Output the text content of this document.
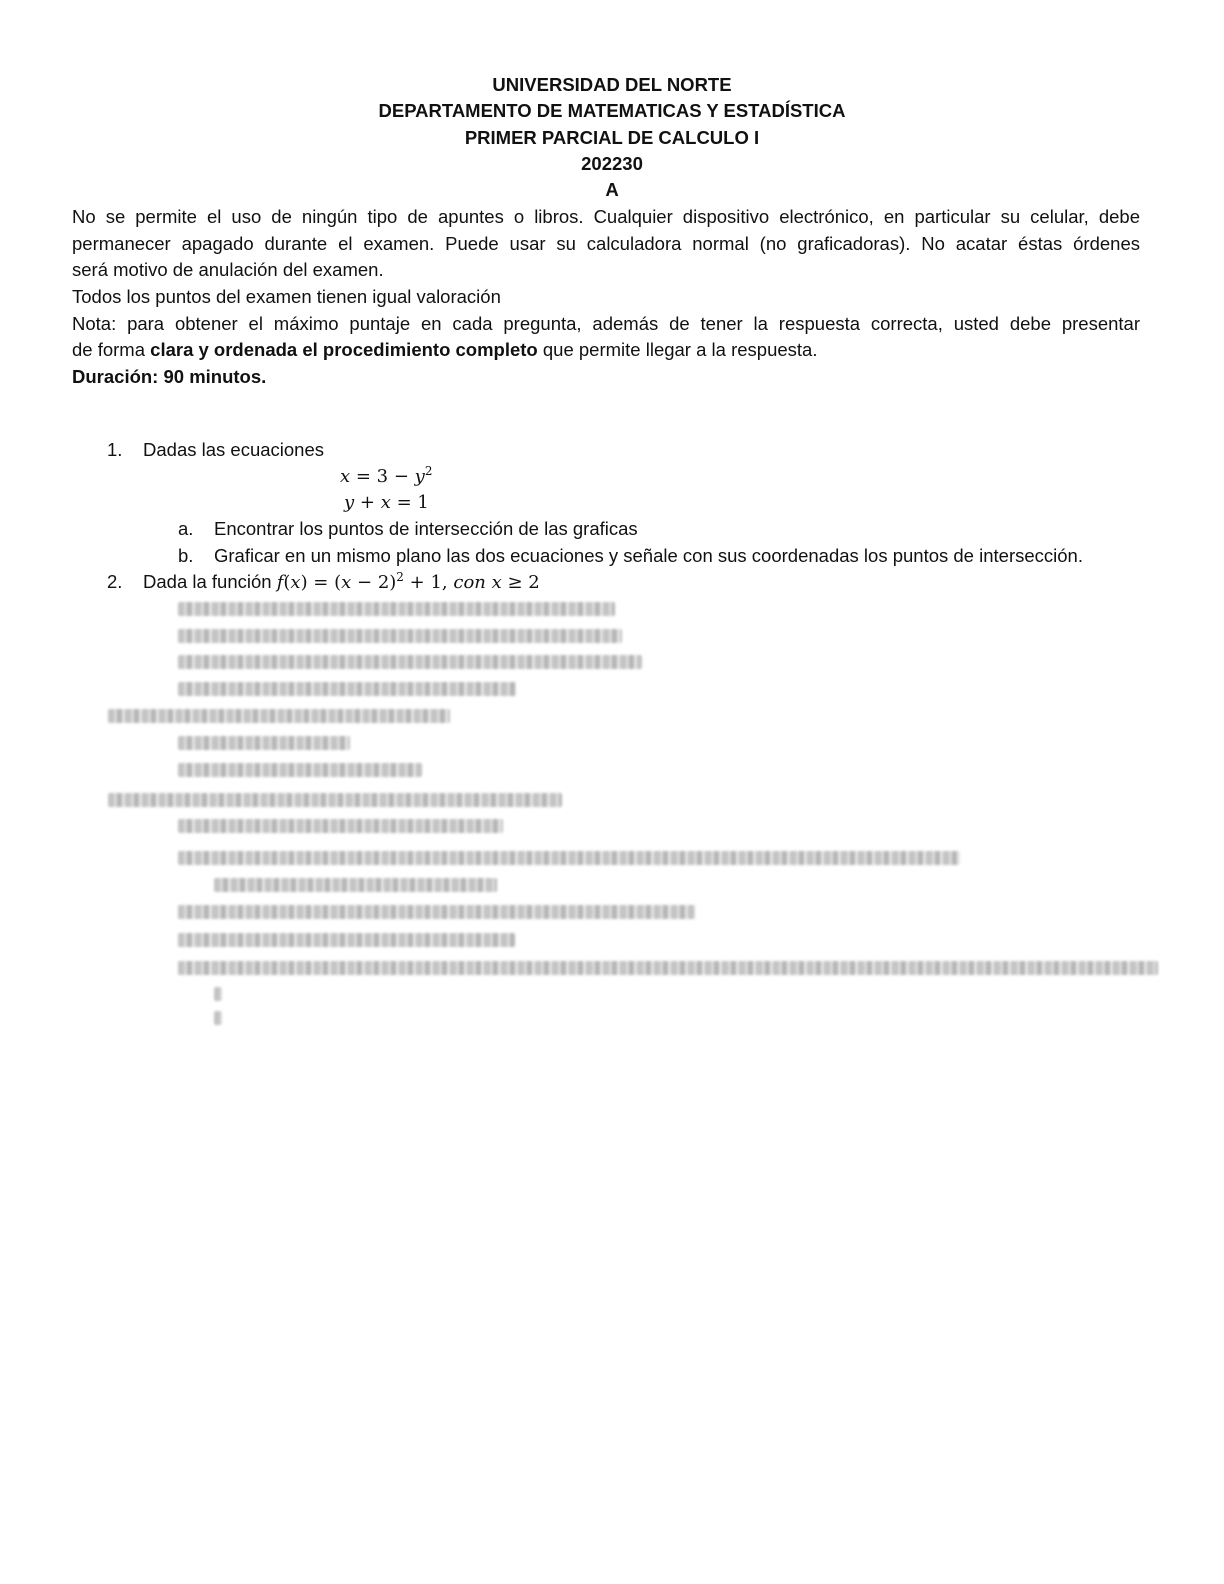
UNIVERSIDAD DEL NORTE
DEPARTAMENTO DE MATEMATICAS Y ESTADÍSTICA
PRIMER PARCIAL DE CALCULO I
202230
A
No se permite el uso de ningún tipo de apuntes o libros. Cualquier dispositivo electrónico, en particular su celular, debe
permanecer apagado durante el examen. Puede usar su calculadora normal (no graficadoras). No acatar éstas órdenes
será motivo de anulación del examen.
Todos los puntos del examen tienen igual valoración
Nota: para obtener el máximo puntaje en cada pregunta, además de tener la respuesta correcta, usted debe presentar
de forma clara y ordenada el procedimiento completo que permite llegar a la respuesta.
Duración: 90 minutos.
1. Dadas las ecuaciones
$x = 3 - y^2$
y + x = 1
a. Encontrar los puntos de intersección de las graficas
b. Graficar en un mismo plano las dos ecuaciones y señale con sus coordenadas los puntos de intersección.
2. Dada la función $f(x) = (x - 2)^2 + 1$, con x ≥ 2
